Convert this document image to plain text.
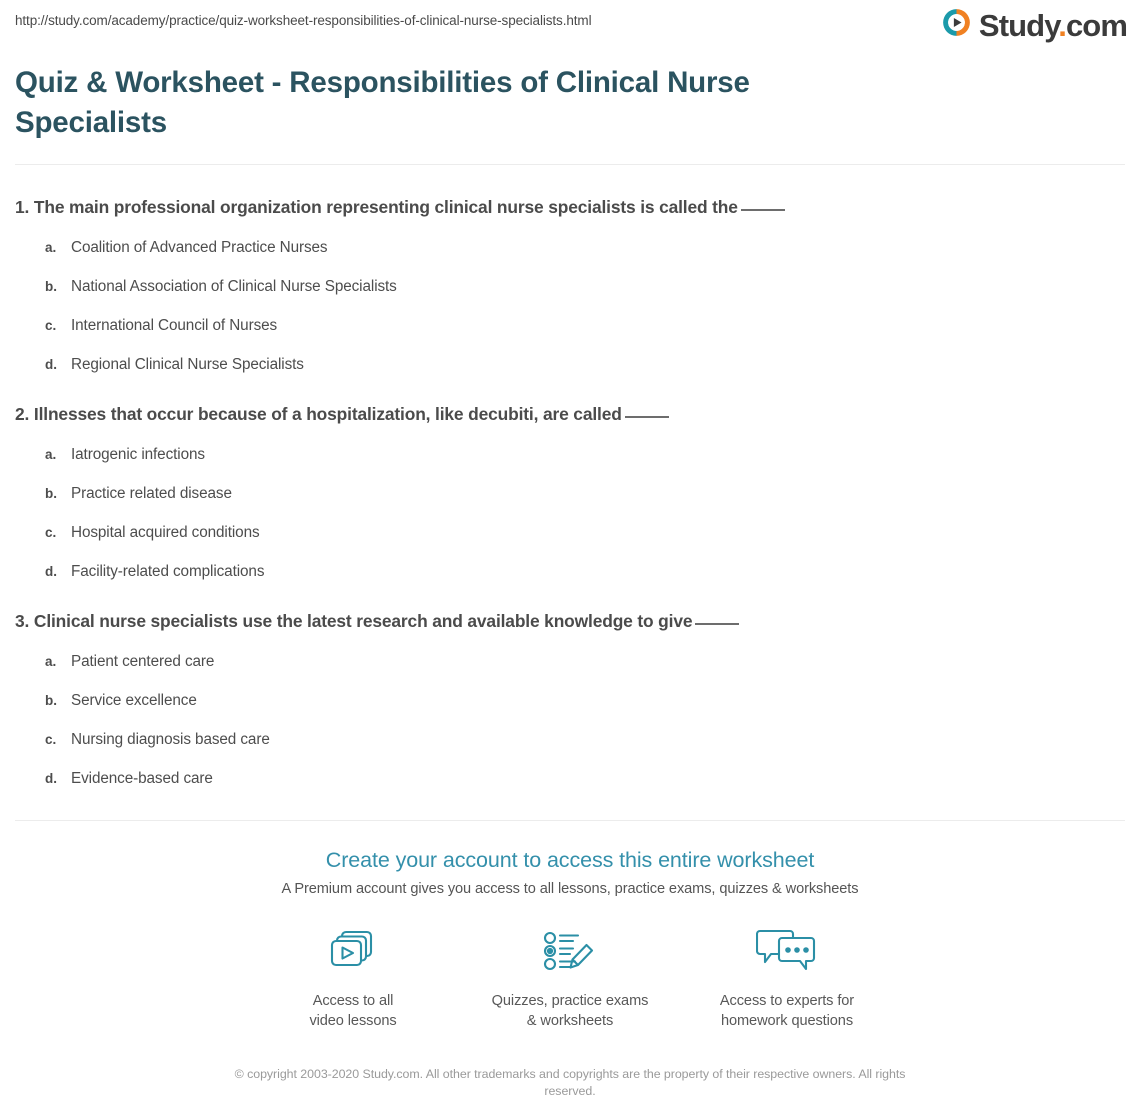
http://study.com/academy/practice/quiz-worksheet-responsibilities-of-clinical-nurse-specialists.html	Study.com
Quiz & Worksheet - Responsibilities of Clinical Nurse Specialists
1. The main professional organization representing clinical nurse specialists is called the
a. Coalition of Advanced Practice Nurses
b. National Association of Clinical Nurse Specialists
c. International Council of Nurses
d. Regional Clinical Nurse Specialists
2. Illnesses that occur because of a hospitalization, like decubiti, are called
a. Iatrogenic infections
b. Practice related disease
c. Hospital acquired conditions
d. Facility-related complications
3. Clinical nurse specialists use the latest research and available knowledge to give
a. Patient centered care
b. Service excellence
c. Nursing diagnosis based care
d. Evidence-based care
Create your account to access this entire worksheet
A Premium account gives you access to all lessons, practice exams, quizzes & worksheets
Access to all
video lessons
Quizzes, practice exams
& worksheets
Access to experts for
homework questions
© copyright 2003-2020 Study.com. All other trademarks and copyrights are the property of their respective owners. All rights reserved.
